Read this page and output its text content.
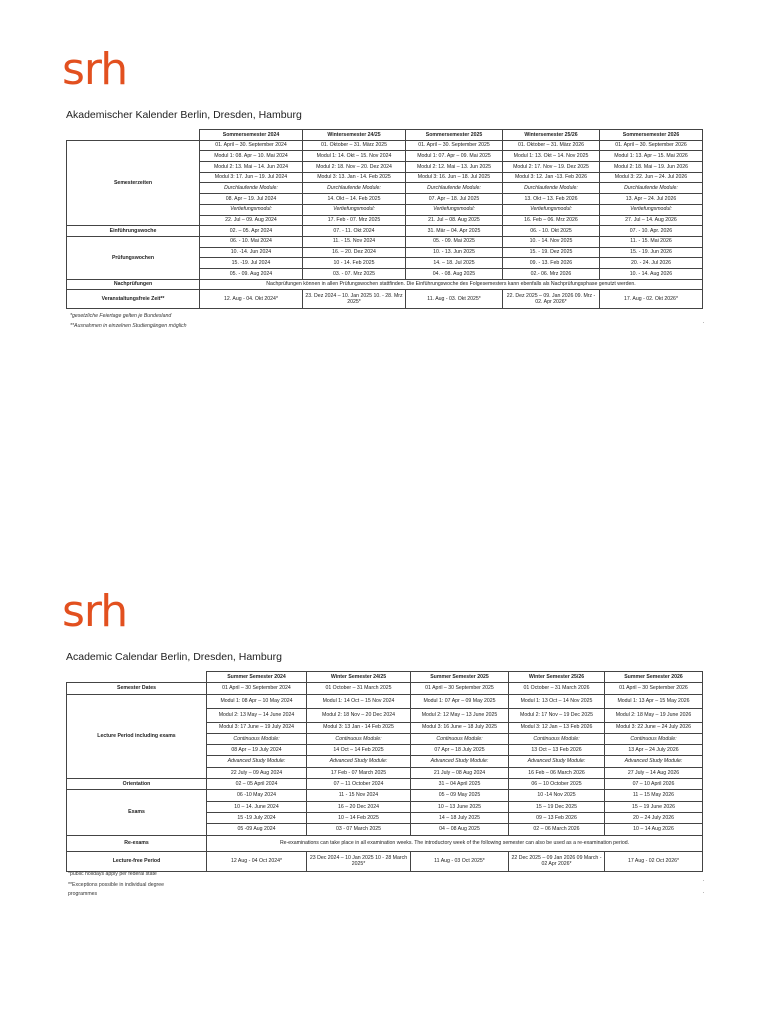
srh
Akademischer Kalender Berlin, Dresden, Hamburg
	Sommersemester 2024	Wintersemester 24/25	Sommersemester 2025	Wintersemester 25/26	Sommersemester 2026
Semesterzeiten	01. April – 30. September 2024	01. Oktober – 31. März 2025	01. April – 30. September 2025	01. Oktober – 31. März 2026	01. April – 30. September 2026
	Modul 1: 08. Apr – 10. Mai 2024	Modul 1: 14. Okt – 15. Nov 2024	Modul 1: 07. Apr – 09. Mai 2025	Modul 1: 13. Okt – 14. Nov 2025	Modul 1: 13. Apr – 15. Mai 2026
	Modul 2: 13. Mai – 14. Jun 2024	Modul 2: 18. Nov – 20. Dez 2024	Modul 2: 12. Mai – 13. Jun 2025	Modul 2: 17. Nov – 19. Dez 2025	Modul 2: 18. Mai – 19. Jun 2026
	Modul 3: 17. Jun – 19. Jul 2024	Modul 3: 13. Jan - 14. Feb 2025	Modul 3: 16. Jun – 18. Jul 2025	Modul 3: 12. Jan -13. Feb 2026	Modul 3: 22. Jun – 24. Jul 2026
	Durchlaufende Module:	Durchlaufende Module:	Durchlaufende Module:	Durchlaufende Module:	Durchlaufende Module:
	08. Apr – 19. Jul 2024	14. Okt – 14. Feb 2025	07. Apr – 18. Jul 2025	13. Okt – 13. Feb 2026	13. Apr – 24. Jul 2026
	Vertiefungsmodul:	Vertiefungsmodul:	Vertiefungsmodul:	Vertiefungsmodul:	Vertiefungsmodul:
	22. Jul – 09. Aug 2024	17. Feb - 07. Mrz 2025	21. Jul – 08. Aug 2025	16. Feb – 06. Mrz 2026	27. Jul – 14. Aug 2026
Einführungswoche	02. – 05. Apr 2024	07. - 11. Okt 2024	31. Mär – 04. Apr 2025	06. - 10. Okt 2025	07. - 10. Apr. 2026
Prüfungswochen	06. - 10. Mai 2024	11. - 15. Nov 2024	05. - 09. Mai 2025	10. - 14. Nov 2025	11. - 15. Mai 2026
	10. -14. Jun 2024	16. – 20. Dez 2024	10. - 13. Jun 2025	15. - 19. Dez 2025	15. - 19. Jun 2026
	15. -19. Jul 2024	10 - 14. Feb 2025	14. – 18. Jul 2025	09. - 13. Feb 2026	20. - 24. Jul 2026
	05. - 09. Aug 2024	03. - 07. Mrz 2025	04. - 08. Aug 2025	02.- 06. Mrz 2026	10. - 14. Aug 2026
Nachprüfungen	Nachprüfungen können in allen Prüfungswochen stattfinden. Die Einführungswoche des Folgesemesters kann ebenfalls als Nachprüfungsphase genutzt werden.				
Veranstaltungsfreie Zeit**	12. Aug - 04. Okt 2024*	23. Dez 2024 – 10. Jan 2025 10. - 28. Mrz 2025*	11. Aug - 03. Okt 2025*	22. Dez 2025 – 09. Jan 2026 09. Mrz - 02. Apr 2026*	17. Aug - 02. Okt 2026*
*gesetzliche Feiertage gelten je Bundesland
**Ausnahmen in einzelnen Studiengängen möglich
srh
Academic Calendar Berlin, Dresden, Hamburg
	Summer Semester 2024	Winter Semester 24/25	Summer Semester 2025	Winter Semester 25/26	Summer Semester 2026
Semester Dates	01 April – 30 September 2024	01 October – 31 March 2025	01 April – 30 September 2025	01 October – 31 March 2026	01 April – 30 September 2026
Lecture Period including exams	Modul 1: 08 Apr – 10 May 2024	Modul 1: 14 Oct – 15 Nov 2024	Modul 1: 07 Apr – 09 May 2025	Modul 1: 13 Oct – 14 Nov 2025	Modul 1: 13 Apr – 15 May 2026
	Modul 2: 13 May – 14 June 2024	Modul 2: 18 Nov – 20 Dec 2024	Modul 2: 12 May – 13 June 2025	Modul 2: 17 Nov – 19 Dec 2025	Modul 2: 18 May – 19 June 2026
	Modul 3: 17 June – 19 July 2024	Modul 3: 13 Jan - 14 Feb 2025	Modul 3: 16 June – 18 July 2025	Modul 3: 12 Jan – 13 Feb 2026	Modul 3: 22 June – 24 July 2026
	Continuous Module:	Continuous Module:	Continuous Module:	Continuous Module:	Continuous Module:
	08 Apr – 19 July 2024	14 Oct – 14 Feb 2025	07 Apr – 18 July 2025	13 Oct – 13 Feb 2026	13 Apr – 24 July 2026
	Advanced Study Module:	Advanced Study Module:	Advanced Study Module:	Advanced Study Module:	Advanced Study Module:
	22 July – 09 Aug 2024	17 Feb - 07 March 2025	21 July – 08 Aug 2024	16 Feb – 06 March 2026	27 July – 14 Aug 2026
Orientation	02 – 05 April 2024	07 – 11 October 2024	31 – 04 April 2025	06 – 10 October 2025	07 – 10 April 2026
Exams	06 -10 May 2024	11 - 15 Nov 2024	05 – 09 May 2025	10 -14 Nov 2025	11 – 15 May 2026
	10 – 14. June 2024	16 – 20 Dec 2024	10 – 13 June 2025	15 – 19 Dec 2025	15 – 19 June 2026
	15 -19 July 2024	10 – 14 Feb 2025	14 – 18 July 2025	09 – 13 Feb 2026	20 – 24 July 2026
	05 -09 Aug 2024	03 - 07 March 2025	04 – 08 Aug 2025	02 – 06 March 2026	10 – 14 Aug 2026
Re-exams	Re-examinations can take place in all examination weeks. The introductory week of the following semester can also be used as a re-examination period.				
Lecture-free Period	12 Aug - 04 Oct 2024*	23 Dec 2024 – 10 Jan 2025 10 - 28 March 2025*	11 Aug - 03 Oct 2025*	22 Dec 2025 – 09 Jan 2026 09 March - 02 Apr 2026*	17 Aug - 02 Oct 2026*
*public holidays apply per federal state
**Exceptions possible in individual degree programmes
